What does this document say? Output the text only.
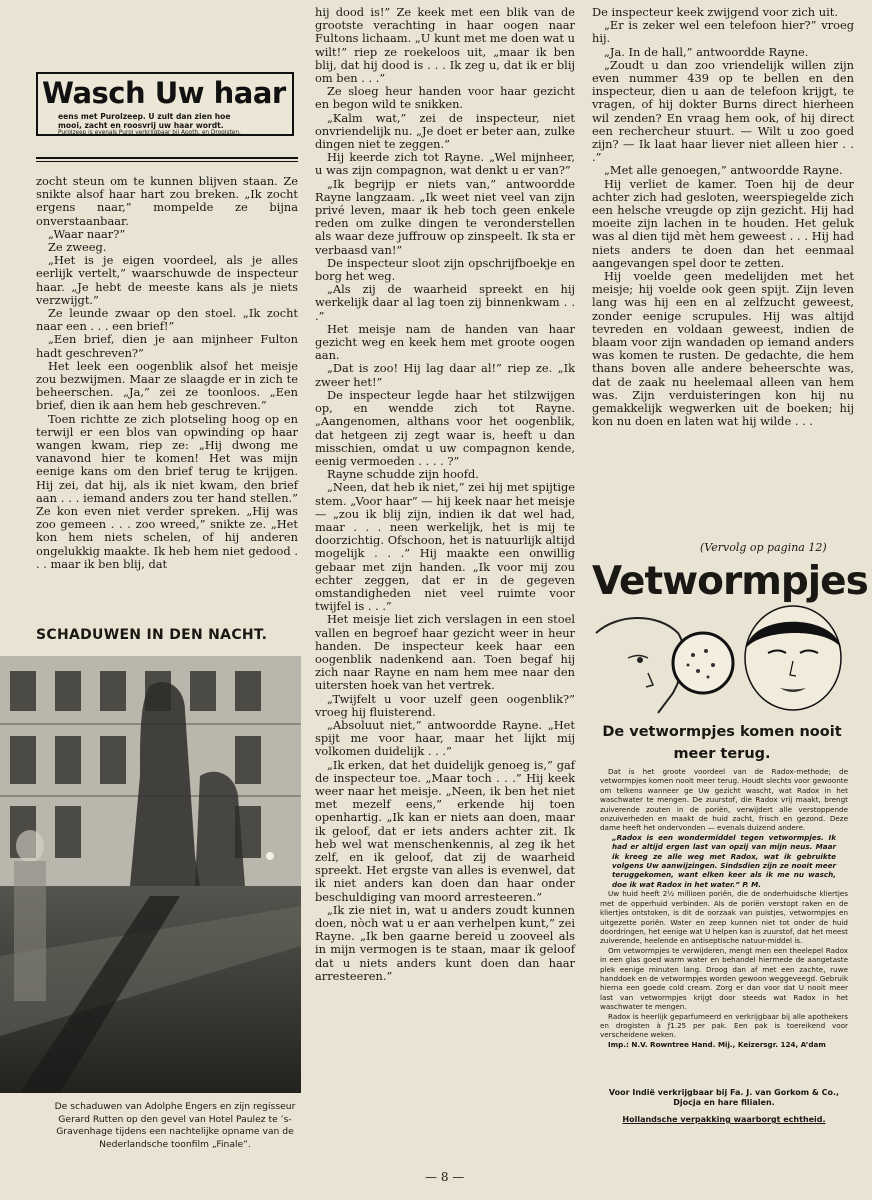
Wasch Uw haar
eens met Purolzeep. U zult dan zien hoe
mooi, zacht en roosvrij uw haar wordt.
Purolzeep is evenals Purol verkrijgbaar bij Apoth. en Drogisten.

zocht steun om te kunnen blijven staan. Ze snikte alsof haar hart zou breken. „Ik zocht ergens naar,” mompelde ze bijna onverstaanbaar.

„Waar naar?”

Ze zweeg.

„Het is je eigen voordeel, als je alles eerlijk vertelt,” waarschuwde de inspecteur haar. „Je hebt de meeste kans als je niets verzwijgt.”

Ze leunde zwaar op den stoel. „Ik zocht naar een . . . een brief!”

„Een brief, dien je aan mijnheer Fulton hadt geschreven?”

Het leek een oogenblik alsof het meisje zou bezwijmen. Maar ze slaagde er in zich te beheerschen. „Ja,” zei ze toonloos. „Een brief, dien ik aan hem heb geschreven.”

Toen richtte ze zich plotseling hoog op en terwijl er een blos van opwinding op haar wangen kwam, riep ze: „Hij dwong me vanavond hier te komen! Het was mijn eenige kans om den brief terug te krijgen. Hij zei, dat hij, als ik niet kwam, den brief aan . . . iemand anders zou ter hand stellen.” Ze kon even niet verder spreken. „Hij was zoo gemeen . . . zoo wreed,” snikte ze. „Het kon hem niets schelen, of hij anderen ongelukkig maakte. Ik heb hem niet gedood . . . maar ik ben blij, dat

SCHADUWEN IN DEN NACHT.
De schaduwen van Adolphe Engers en zijn regisseur Gerard Rutten op den gevel van Hotel Paulez te ’s-Gravenhage tijdens een nachtelijke opname van de Nederlandsche toonfilm „Finale”.

hij dood is!” Ze keek met een blik van de grootste verachting in haar oogen naar Fultons lichaam. „U kunt met me doen wat u wilt!” riep ze roekeloos uit, „maar ik ben blij, dat hij dood is . . . Ik zeg u, dat ik er blij om ben . . .”

Ze sloeg heur handen voor haar gezicht en begon wild te snikken.

„Kalm wat,” zei de inspecteur, niet onvriendelijk nu. „Je doet er beter aan, zulke dingen niet te zeggen.”

Hij keerde zich tot Rayne. „Wel mijnheer, u was zijn compagnon, wat denkt u er van?”

„Ik begrijp er niets van,” antwoordde Rayne langzaam. „Ik weet niet veel van zijn privé leven, maar ik heb toch geen enkele reden om zulke dingen te veronderstellen als waar deze juffrouw op zinspeelt. Ik sta er verbaasd van!”

De inspecteur sloot zijn opschrijfboekje en borg het weg.

„Als zij de waarheid spreekt en hij werkelijk daar al lag toen zij binnenkwam . . .”

Het meisje nam de handen van haar gezicht weg en keek hem met groote oogen aan.

„Dat is zoo! Hij lag daar al!” riep ze. „Ik zweer het!”

De inspecteur legde haar het stilzwijgen op, en wendde zich tot Rayne. „Aangenomen, althans voor het oogenblik, dat hetgeen zij zegt waar is, heeft u dan misschien, omdat u uw compagnon kende, eenig vermoeden . . . . ?”

Rayne schudde zijn hoofd.

„Neen, dat heb ik niet,” zei hij met spijtige stem. „Voor haar” — hij keek naar het meisje — „zou ik blij zijn, indien ik dat wel had, maar . . . neen werkelijk, het is mij te doorzichtig. Ofschoon, het is natuurlijk altijd mogelijk . . .” Hij maakte een onwillig gebaar met zijn handen. „Ik voor mij zou echter zeggen, dat er in de gegeven omstandigheden niet veel ruimte voor twijfel is . . .”

Het meisje liet zich verslagen in een stoel vallen en begroef haar gezicht weer in heur handen. De inspecteur keek haar een oogenblik nadenkend aan. Toen begaf hij zich naar Rayne en nam hem mee naar den uitersten hoek van het vertrek.

„Twijfelt u voor uzelf geen oogenblik?” vroeg hij fluisterend.

„Absoluut niet,” antwoordde Rayne. „Het spijt me voor haar, maar het lijkt mij volkomen duidelijk . . .”

„Ik erken, dat het duidelijk genoeg is,” gaf de inspecteur toe. „Maar toch . . .” Hij keek weer naar het meisje. „Neen, ik ben het niet met mezelf eens,” erkende hij toen openhartig. „Ik kan er niets aan doen, maar ik geloof, dat er iets anders achter zit. Ik heb wel wat menschenkennis, al zeg ik het zelf, en ik geloof, dat zij de waarheid spreekt. Het ergste van alles is evenwel, dat ik niet anders kan doen dan haar onder beschuldiging van moord arresteeren.”

„Ik zie niet in, wat u anders zoudt kunnen doen, nòch wat u er aan verhelpen kunt,” zei Rayne. „Ik ben gaarne bereid u zooveel als in mijn vermogen is te staan, maar ik geloof dat u niets anders kunt doen dan haar arresteeren.”

De inspecteur keek zwijgend voor zich uit.

„Er is zeker wel een telefoon hier?” vroeg hij.

„Ja. In de hall,” antwoordde Rayne.

„Zoudt u dan zoo vriendelijk willen zijn even nummer 439 op te bellen en den inspecteur, dien u aan de telefoon krijgt, te vragen, of hij dokter Burns direct hierheen wil zenden? En vraag hem ook, of hij direct een rechercheur stuurt. — Wilt u zoo goed zijn? — Ik laat haar liever niet alleen hier . . .”

„Met alle genoegen,” antwoordde Rayne.

Hij verliet de kamer. Toen hij de deur achter zich had gesloten, weerspiegelde zich een helsche vreugde op zijn gezicht. Hij had moeite zijn lachen in te houden. Het geluk was al dien tijd mèt hem geweest . . . Hij had niets anders te doen dan het eenmaal aangevangen spel door te zetten.

Hij voelde geen medelijden met het meisje; hij voelde ook geen spijt. Zijn leven lang was hij een en al zelfzucht geweest, zonder eenige scrupules. Hij was altijd tevreden en voldaan geweest, indien de blaam voor zijn wandaden op iemand anders was komen te rusten. De gedachte, die hem thans boven alle andere beheerschte was, dat de zaak nu heelemaal alleen van hem was. Zijn verduisteringen kon hij nu gemakkelijk wegwerken uit de boeken; hij kon nu doen en laten wat hij wilde . . .

(Vervolg op pagina 12)
Vetwormpjes
De vetwormpjes komen nooit meer terug.

Dat is het groote voordeel van de Radox-methode; de vetwormpjes komen nooit meer terug. Houdt slechts voor gewoonte om telkens wanneer ge Uw gezicht wascht, wat Radox in het waschwater te mengen. De zuurstof, die Radox vrij maakt, brengt zuiverende zouten in de poriën, verwijdert alle verstoppende onzuiverheden en maakt de huid zacht, frisch en gezond. Deze dame heeft het ondervonden — evenals duizend andere.

„Radox is een wondermiddel tegen vetwormpjes. Ik had er altijd ergen last van opzij van mijn neus. Maar ik kreeg ze alle weg met Radox, wat ik gebruikte volgens Uw aanwijzingen. Sindsdien zijn ze nooit meer teruggekomen, want elken keer als ik me nu wasch, doe ik wat Radox in het water.” P. M.

Uw huid heeft 2½ millioen poriën, die de onderhuidsche kliertjes met de opperhuid verbinden. Als de poriën verstopt raken en de kliertjes ontstoken, is dit de oorzaak van puistjes, vetwormpjes en uitgezette poriën. Water en zeep kunnen niet tot onder de huid doordringen, het eenige wat U helpen kan is zuurstof, dat het meest zuiverende, heelende en antiseptische natuur-middel is.

Om vetwormpjes te verwijderen, mengt men een theelepel Radox in een glas goed warm water en behandel hiermede de aangetaste plek eenige minuten lang. Droog dan af met een zachte, ruwe handdoek en de vetwormpjes worden gewoon weggeveegd. Gebruik hierna een goede cold cream. Zorg er dan voor dat U nooit meer last van vetwormpjes krijgt door steeds wat Radox in het waschwater te mengen.

Radox is heerlijk geparfumeerd en verkrijgbaar bij alle apothekers en drogisten à ƒ1.25 per pak. Een pak is toereikend voor verscheidene weken.

Imp.: N.V. Rowntree Hand. Mij., Keizersgr. 124, A’dam

Voor Indië verkrijgbaar bij Fa. J. van Gorkom & Co., Djocja en hare filialen.
Hollandsche verpakking waarborgt echtheid.
— 8 —
